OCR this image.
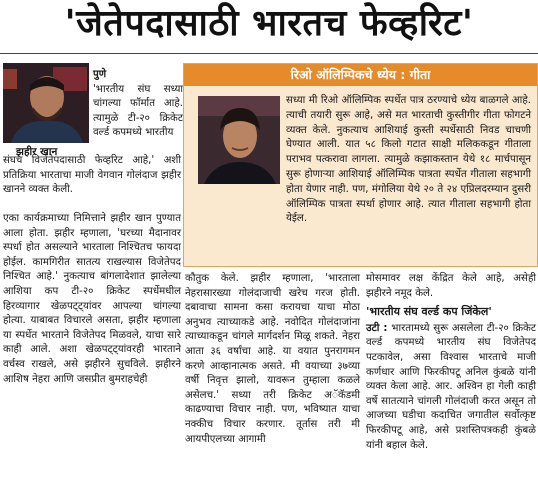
'जेतेपदासाठी भारतच फेव्हरिट'
झहीर खान

पुणे

'भारतीय संघ सध्या चांगल्या फॉर्मात आहे. त्यामुळे टी-२० क्रिकेट वर्ल्ड कपमध्ये भारतीय

संघच विजेतेपदासाठी फेव्हरिट आहे,' अशी प्रतिक्रिया भारताचा माजी वेगवान गोलंदाज झहीर खानने व्यक्त केली.
एका कार्यक्रमाच्या निमित्ताने झहीर खान पुण्यात आला होता. झहीर म्हणाला, 'घरच्या मैदानावर स्पर्धा होत असल्याने भारताला निश्चितच फायदा होईल. कामगिरीत सातत्य राखल्यास विजेतेपद निश्चित आहे.' नुकत्याच बांगलादेशात झालेल्या आशिया कप टी-२० क्रिकेट स्पर्धेमधील हिरव्यागार खेळपट्ट्यांवर आपल्या चांगल्या होत्या. याबाबत विचारले असता, झहीर म्हणाला या स्पर्धेत भारताने विजेतेपद मिळवले, याचा सारे काही आले. अशा खेळपट्ट्यांवरही भारताने वर्चस्व राखले, असे झहीरने सुचविले. झहीरने आशिष नेहरा आणि जसप्रीत बुमराहचेही
रिओ ऑलिम्पिकचे ध्येय : गीता
सध्या मी रिओ ऑलिम्पिक स्पर्धेत पात्र ठरण्याचे ध्येय बाळगले आहे. त्याची तयारी सुरू आहे, असे मत भारताची कुस्तीगीर गीता फोगटने व्यक्त केले. नुकत्याच आशियाई कुस्ती स्पर्धेसाठी निवड चाचणी घेण्यात आली. यात ५८ किलो गटात साक्षी मलिककडून गीताला पराभव पत्करावा लागला. त्यामुळे कझाकस्तान येथे १८ मार्चपासून सुरू होणाऱ्या आशियाई ऑलिम्पिक पात्रता स्पर्धेत गीताला सहभागी होता येणार नाही. पण, मंगोलिया येथे २० ते २४ एप्रिलदरम्यान दुसरी ऑलिम्पिक पात्रता स्पर्धा होणार आहे. त्यात गीताला सहभागी होता येईल.
कौतुक केले. झहीर म्हणाला, 'भारताला नेहरासारख्या गोलंदाजाची खरेच गरज होती. दबावाचा सामना कसा करायचा याचा मोठा अनुभव त्याच्याकडे आहे. नवोदित गोलंदाजांना त्याच्याकडून चांगले मार्गदर्शन मिळू शकते. नेहरा आता ३६ वर्षांचा आहे. या वयात पुनरागमन करणे आव्हानात्मक असते. मी वयाच्या ३७व्या वर्षी निवृत्त झालो, यावरून तुम्हाला कळले असेलच.' सध्या तरी क्रिकेट अॅकॅडमी काढण्याचा विचार नाही. पण, भविष्यात याचा नक्कीच विचार करणार. तूर्तास तरी मी आयपीएलच्या आगामी

मोसमावर लक्ष केंद्रित केले आहे, असेही झहीरने नमूद केले.

'भारतीय संघ वर्ल्ड कप जिंकेल'

उटी : भारतामध्ये सुरू असलेला टी-२० क्रिकेट वर्ल्ड कपमध्ये भारतीय संघ विजेतेपद पटकावेल, असा विश्वास भारताचे माजी कर्णधार आणि फिरकीपटू अनिल कुंबळे यांनी व्यक्त केला आहे. आर. अश्विन हा गेली काही वर्षे सातत्याने चांगली गोलंदाजी करत असून तो आजच्या घडीचा कदाचित जगातील सर्वोत्कृष्ट फिरकीपटू आहे, असे प्रशस्तिपत्रकही कुंबळे यांनी बहाल केले.
